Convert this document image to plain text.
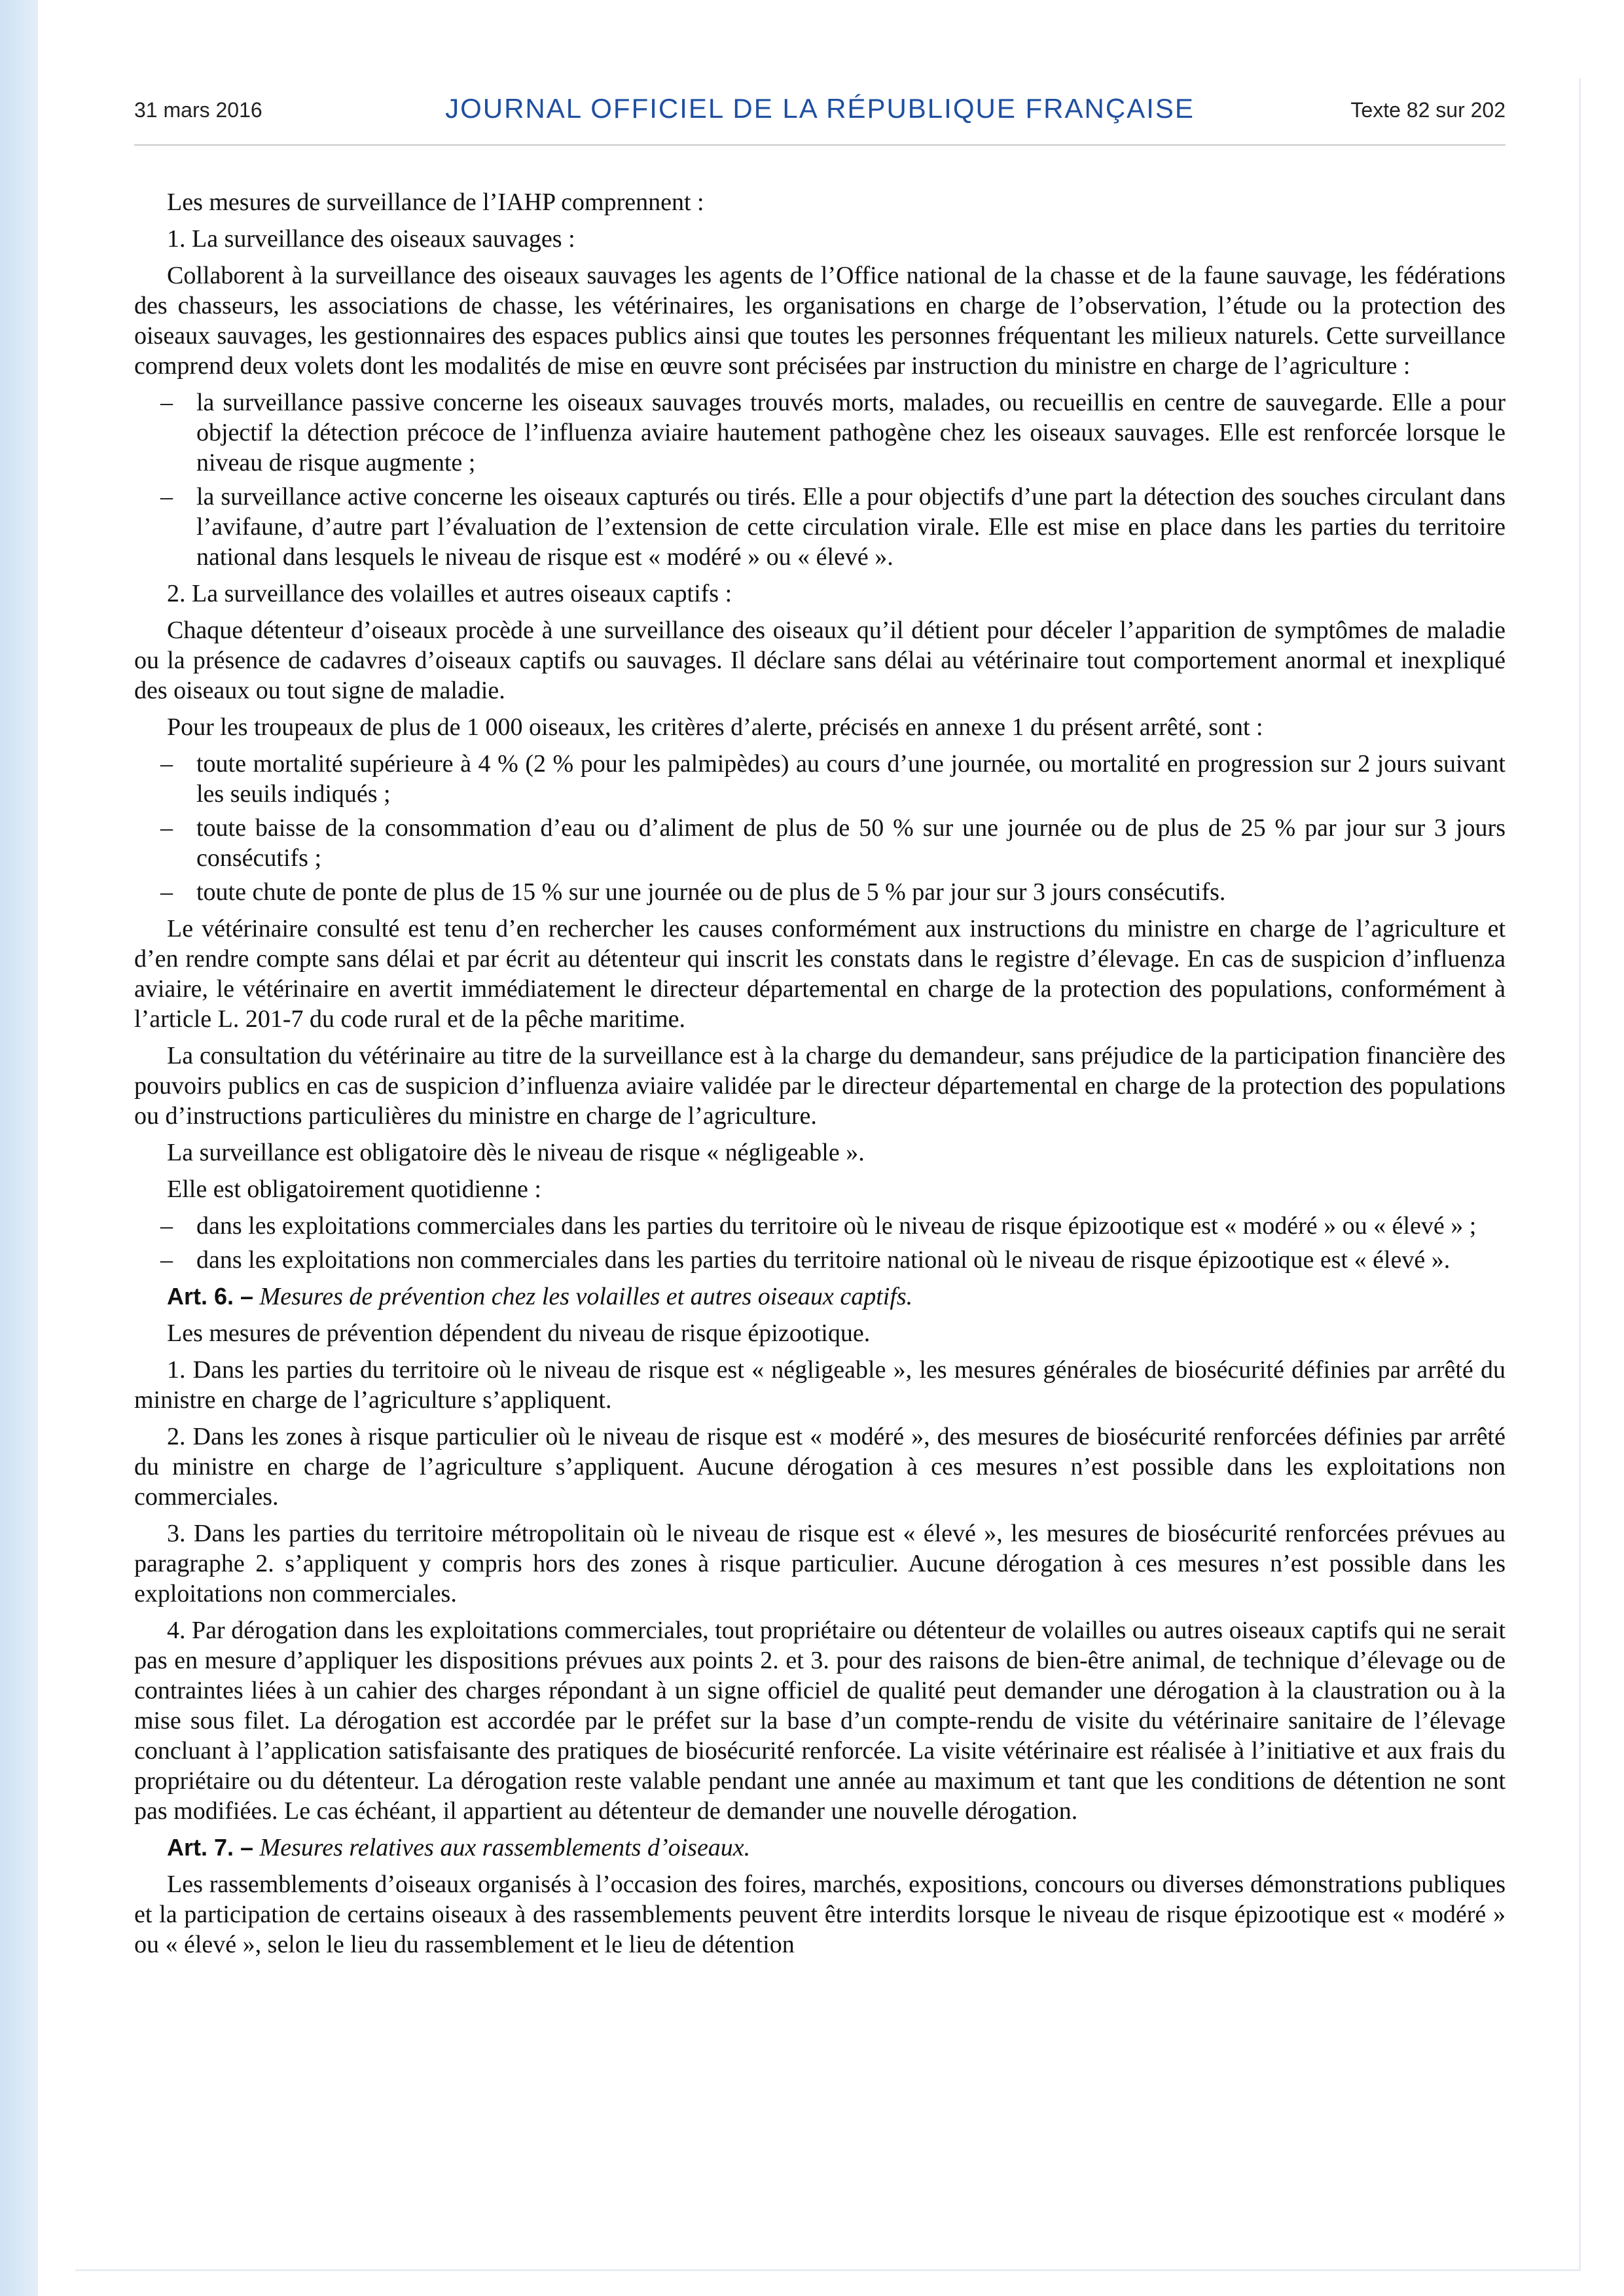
31 mars 2016	JOURNAL OFFICIEL DE LA RÉPUBLIQUE FRANÇAISE	Texte 82 sur 202

Les mesures de surveillance de l’IAHP comprennent :

1. La surveillance des oiseaux sauvages :

Collaborent à la surveillance des oiseaux sauvages les agents de l’Office national de la chasse et de la faune sauvage, les fédérations des chasseurs, les associations de chasse, les vétérinaires, les organisations en charge de l’observation, l’étude ou la protection des oiseaux sauvages, les gestionnaires des espaces publics ainsi que toutes les personnes fréquentant les milieux naturels. Cette surveillance comprend deux volets dont les modalités de mise en œuvre sont précisées par instruction du ministre en charge de l’agriculture :

– la surveillance passive concerne les oiseaux sauvages trouvés morts, malades, ou recueillis en centre de sauvegarde. Elle a pour objectif la détection précoce de l’influenza aviaire hautement pathogène chez les oiseaux sauvages. Elle est renforcée lorsque le niveau de risque augmente ;
– la surveillance active concerne les oiseaux capturés ou tirés. Elle a pour objectifs d’une part la détection des souches circulant dans l’avifaune, d’autre part l’évaluation de l’extension de cette circulation virale. Elle est mise en place dans les parties du territoire national dans lesquels le niveau de risque est « modéré » ou « élevé ».

2. La surveillance des volailles et autres oiseaux captifs :

Chaque détenteur d’oiseaux procède à une surveillance des oiseaux qu’il détient pour déceler l’apparition de symptômes de maladie ou la présence de cadavres d’oiseaux captifs ou sauvages. Il déclare sans délai au vétérinaire tout comportement anormal et inexpliqué des oiseaux ou tout signe de maladie.

Pour les troupeaux de plus de 1 000 oiseaux, les critères d’alerte, précisés en annexe 1 du présent arrêté, sont :

– toute mortalité supérieure à 4 % (2 % pour les palmipèdes) au cours d’une journée, ou mortalité en progression sur 2 jours suivant les seuils indiqués ;
– toute baisse de la consommation d’eau ou d’aliment de plus de 50 % sur une journée ou de plus de 25 % par jour sur 3 jours consécutifs ;
– toute chute de ponte de plus de 15 % sur une journée ou de plus de 5 % par jour sur 3 jours consécutifs.

Le vétérinaire consulté est tenu d’en rechercher les causes conformément aux instructions du ministre en charge de l’agriculture et d’en rendre compte sans délai et par écrit au détenteur qui inscrit les constats dans le registre d’élevage. En cas de suspicion d’influenza aviaire, le vétérinaire en avertit immédiatement le directeur départemental en charge de la protection des populations, conformément à l’article L. 201-7 du code rural et de la pêche maritime.

La consultation du vétérinaire au titre de la surveillance est à la charge du demandeur, sans préjudice de la participation financière des pouvoirs publics en cas de suspicion d’influenza aviaire validée par le directeur départemental en charge de la protection des populations ou d’instructions particulières du ministre en charge de l’agriculture.

La surveillance est obligatoire dès le niveau de risque « négligeable ».

Elle est obligatoirement quotidienne :

– dans les exploitations commerciales dans les parties du territoire où le niveau de risque épizootique est « modéré » ou « élevé » ;
– dans les exploitations non commerciales dans les parties du territoire national où le niveau de risque épizootique est « élevé ».

Art. 6. – Mesures de prévention chez les volailles et autres oiseaux captifs.

Les mesures de prévention dépendent du niveau de risque épizootique.

1. Dans les parties du territoire où le niveau de risque est « négligeable », les mesures générales de biosécurité définies par arrêté du ministre en charge de l’agriculture s’appliquent.

2. Dans les zones à risque particulier où le niveau de risque est « modéré », des mesures de biosécurité renforcées définies par arrêté du ministre en charge de l’agriculture s’appliquent. Aucune dérogation à ces mesures n’est possible dans les exploitations non commerciales.

3. Dans les parties du territoire métropolitain où le niveau de risque est « élevé », les mesures de biosécurité renforcées prévues au paragraphe 2. s’appliquent y compris hors des zones à risque particulier. Aucune dérogation à ces mesures n’est possible dans les exploitations non commerciales.

4. Par dérogation dans les exploitations commerciales, tout propriétaire ou détenteur de volailles ou autres oiseaux captifs qui ne serait pas en mesure d’appliquer les dispositions prévues aux points 2. et 3. pour des raisons de bien-être animal, de technique d’élevage ou de contraintes liées à un cahier des charges répondant à un signe officiel de qualité peut demander une dérogation à la claustration ou à la mise sous filet. La dérogation est accordée par le préfet sur la base d’un compte-rendu de visite du vétérinaire sanitaire de l’élevage concluant à l’application satisfaisante des pratiques de biosécurité renforcée. La visite vétérinaire est réalisée à l’initiative et aux frais du propriétaire ou du détenteur. La dérogation reste valable pendant une année au maximum et tant que les conditions de détention ne sont pas modifiées. Le cas échéant, il appartient au détenteur de demander une nouvelle dérogation.

Art. 7. – Mesures relatives aux rassemblements d’oiseaux.

Les rassemblements d’oiseaux organisés à l’occasion des foires, marchés, expositions, concours ou diverses démonstrations publiques et la participation de certains oiseaux à des rassemblements peuvent être interdits lorsque le niveau de risque épizootique est « modéré » ou « élevé », selon le lieu du rassemblement et le lieu de détention
